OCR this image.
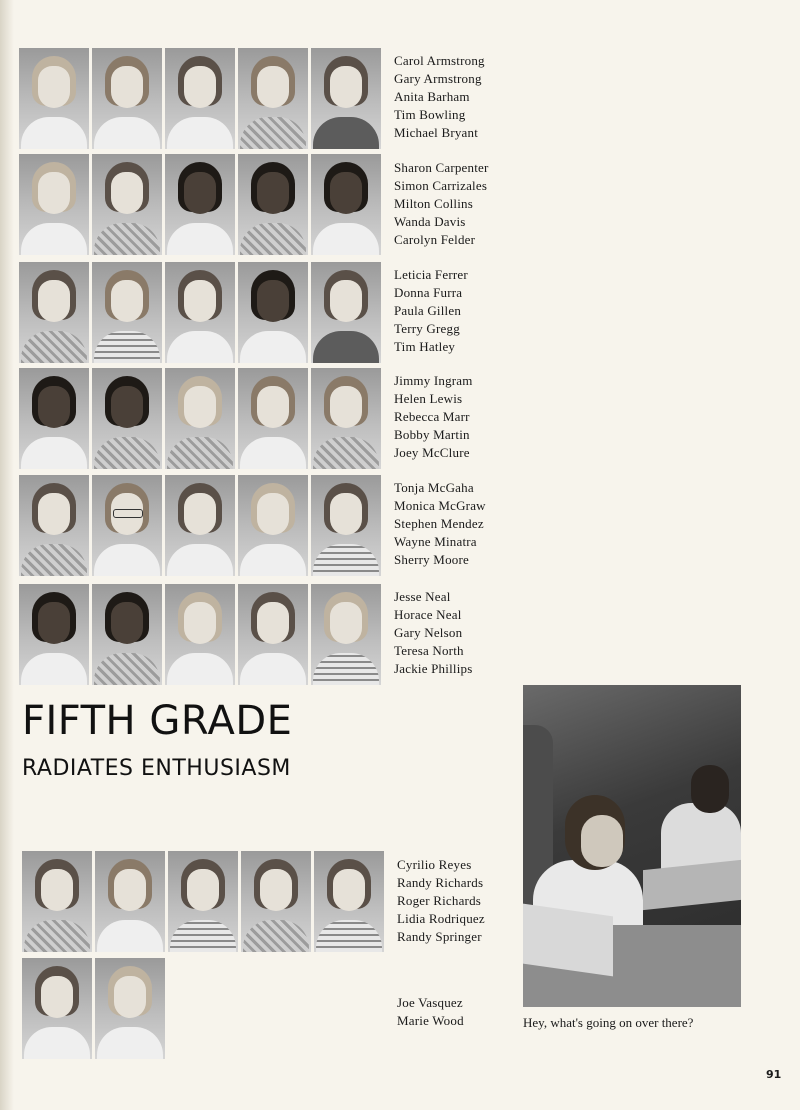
Carol Armstrong
Gary Armstrong
Anita Barham
Tim Bowling
Michael Bryant
Sharon Carpenter
Simon Carrizales
Milton Collins
Wanda Davis
Carolyn Felder
Leticia Ferrer
Donna Furra
Paula Gillen
Terry Gregg
Tim Hatley
Jimmy Ingram
Helen Lewis
Rebecca Marr
Bobby Martin
Joey McClure
Tonja McGaha
Monica McGraw
Stephen Mendez
Wayne Minatra
Sherry Moore
Jesse Neal
Horace Neal
Gary Nelson
Teresa North
Jackie Phillips
FIFTH GRADE
RADIATES ENTHUSIASM
Cyrilio Reyes
Randy Richards
Roger Richards
Lidia Rodriquez
Randy Springer
Joe Vasquez
Marie Wood	Hey, what's going on over there?
91
